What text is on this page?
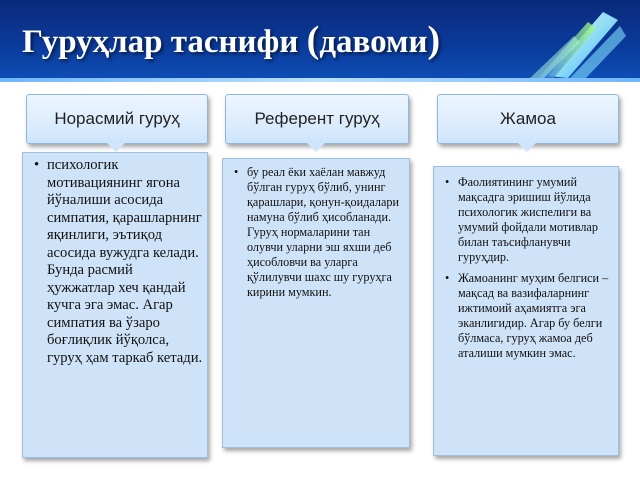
Гуруҳлар таснифи (давоми)
Норасмий гуруҳ
• психологик мотивациянинг ягона йўналиши асосида симпатия, қарашларнинг яқинлиги, эътиқод асосида вужудга келади. Бунда расмий ҳужжатлар хеч қандай кучга эга эмас. Агар симпатия ва ўзаро боғлиқлик йўқолса, гуруҳ ҳам таркаб кетади.
Референт гуруҳ
• бу реал ёки хаёлан мавжуд бўлган гуруҳ бўлиб, унинг қарашлари, қонун-қоидалари намуна бўлиб ҳисобланади. Гуруҳ нормаларини тан олувчи уларни эш яхши деб ҳисобловчи ва уларга қўлилувчи шахс шу гуруҳга кирини мумкин.
Жамоа
• Фаолиятининг умумий мақсадга эришиш йўлида психологик жиспелиги ва умумий фойдали мотивлар билан таъсифланувчи гуруҳдир.
• Жамоанинг муҳим белгиси – мақсад ва вазифаларнинг ижтимоий аҳамиятга эга эканлигидир. Агар бу белги бўлмаса, гуруҳ жамоа деб аталиши мумкин эмас.
